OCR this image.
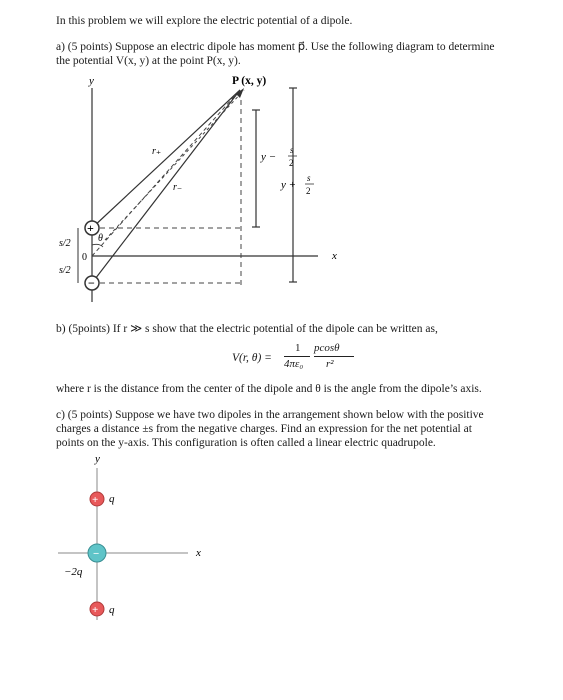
In this problem we will explore the electric potential of a dipole.
a) (5 points) Suppose an electric dipole has moment p⃗. Use the following diagram to determine
the potential V(x, y) at the point P(x, y).
y
x
P (x, y)
r₊
r₋
θ
y −
s
2
y +
s
2
s/2
s/2
0
+
−
b) (5points) If r ≫ s show that the electric potential of the dipole can be written as,
V(r, θ) =
1
4πε₀
pcosθ
r²
where r is the distance from the center of the dipole and θ is the angle from the dipole’s axis.
c) (5 points) Suppose we have two dipoles in the arrangement shown below with the positive
charges a distance ±s from the negative charges. Find an expression for the net potential at
points on the y-axis. This configuration is often called a linear electric quadrupole.
y
x
+ q
−
−2q
+ q
